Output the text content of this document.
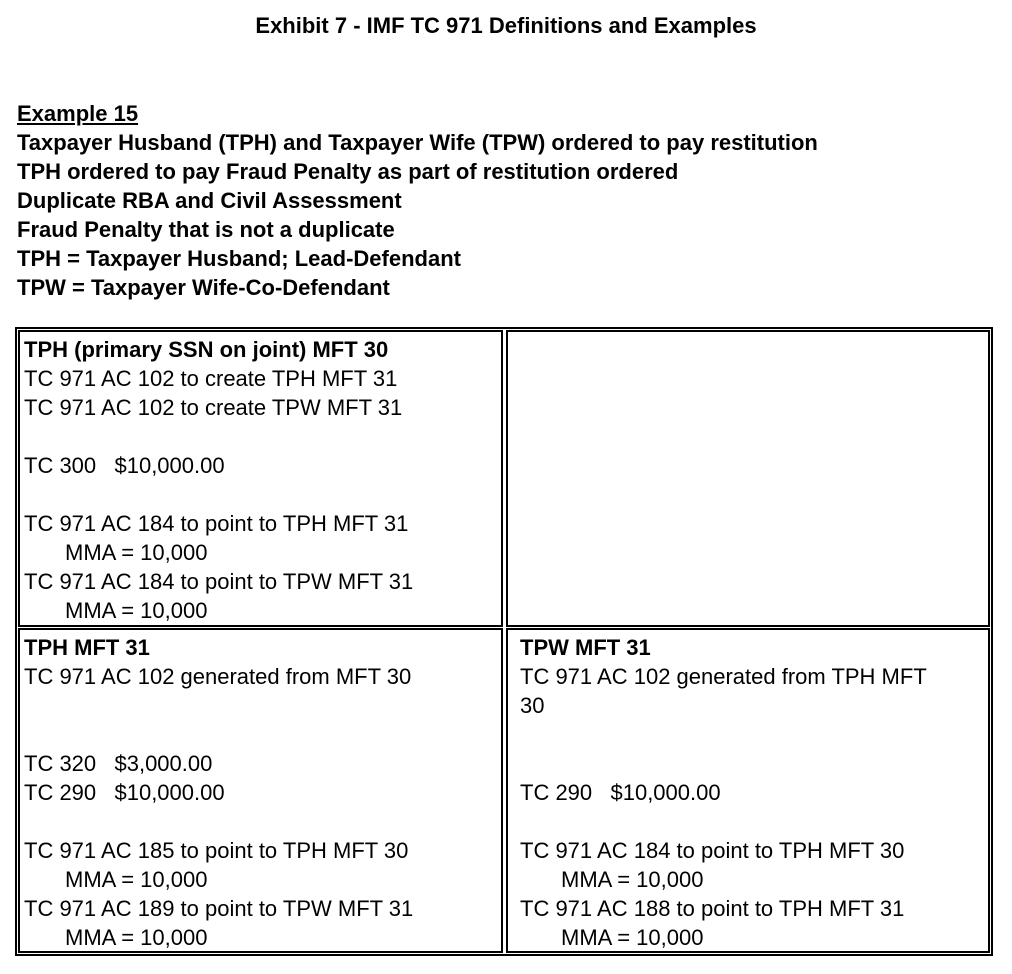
Exhibit 7 - IMF TC 971 Definitions and Examples
Example 15
Taxpayer Husband (TPH) and Taxpayer Wife (TPW) ordered to pay restitution
TPH ordered to pay Fraud Penalty as part of restitution ordered
Duplicate RBA and Civil Assessment
Fraud Penalty that is not a duplicate
TPH = Taxpayer Husband; Lead-Defendant
TPW = Taxpayer Wife-Co-Defendant
TPH (primary SSN on joint) MFT 30
TC 971 AC 102 to create TPH MFT 31
TC 971 AC 102 to create TPW MFT 31
TC 300   $10,000.00
TC 971 AC 184 to point to TPH MFT 31
MMA = 10,000
TC 971 AC 184 to point to TPW MFT 31
MMA = 10,000
TPH MFT 31
TC 971 AC 102 generated from MFT 30
TC 320   $3,000.00
TC 290   $10,000.00
TC 971 AC 185 to point to TPH MFT 30
MMA = 10,000
TC 971 AC 189 to point to TPW MFT 31
MMA = 10,000
TPW MFT 31
TC 971 AC 102 generated from TPH MFT 30
TC 290   $10,000.00
TC 971 AC 184 to point to TPH MFT 30
MMA = 10,000
TC 971 AC 188 to point to TPH MFT 31
MMA = 10,000
